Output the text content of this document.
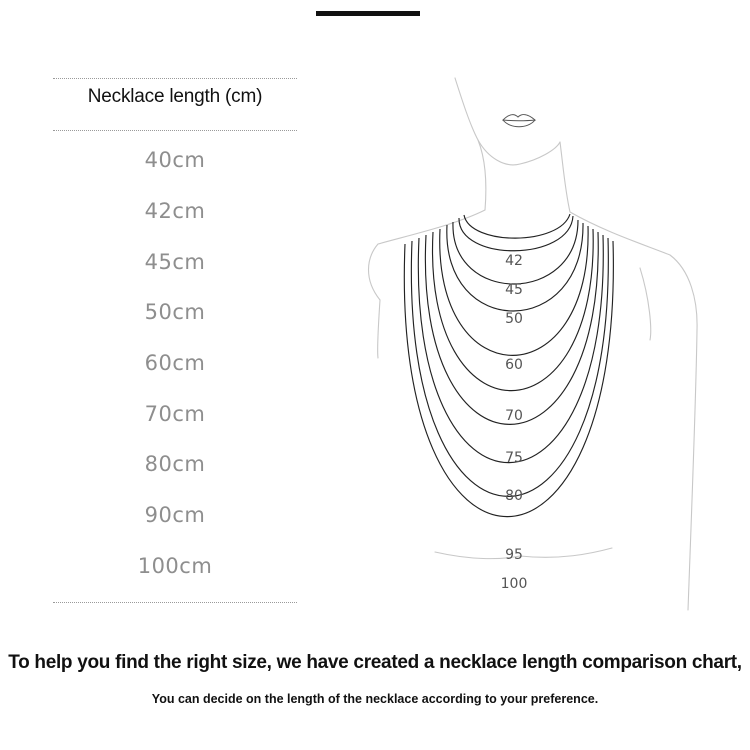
Necklace length (cm)
40cm
42cm
45cm
50cm
60cm
70cm
80cm
90cm
100cm
42
45
50
60
70
75
80
95
100
To help you find the right size, we have created a necklace length comparison chart,
You can decide on the length of the necklace according to your preference.
